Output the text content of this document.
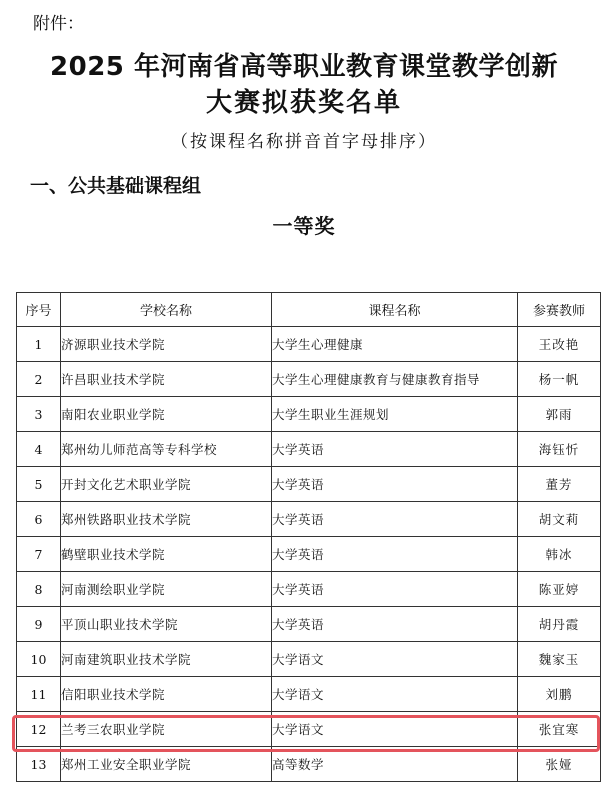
附件：
2025 年河南省高等职业教育课堂教学创新
大赛拟获奖名单
（按课程名称拼音首字母排序）
一、公共基础课程组
一等奖
序号	学校名称	课程名称	参赛教师
1	济源职业技术学院	大学生心理健康	王改艳
2	许昌职业技术学院	大学生心理健康教育与健康教育指导	杨一帆
3	南阳农业职业学院	大学生职业生涯规划	郭雨
4	郑州幼儿师范高等专科学校	大学英语	海钰忻
5	开封文化艺术职业学院	大学英语	董芳
6	郑州铁路职业技术学院	大学英语	胡文莉
7	鹤壁职业技术学院	大学英语	韩冰
8	河南测绘职业学院	大学英语	陈亚婷
9	平顶山职业技术学院	大学英语	胡丹霞
10	河南建筑职业技术学院	大学语文	魏家玉
11	信阳职业技术学院	大学语文	刘鹏
12	兰考三农职业学院	大学语文	张宜寒
13	郑州工业安全职业学院	高等数学	张娅
